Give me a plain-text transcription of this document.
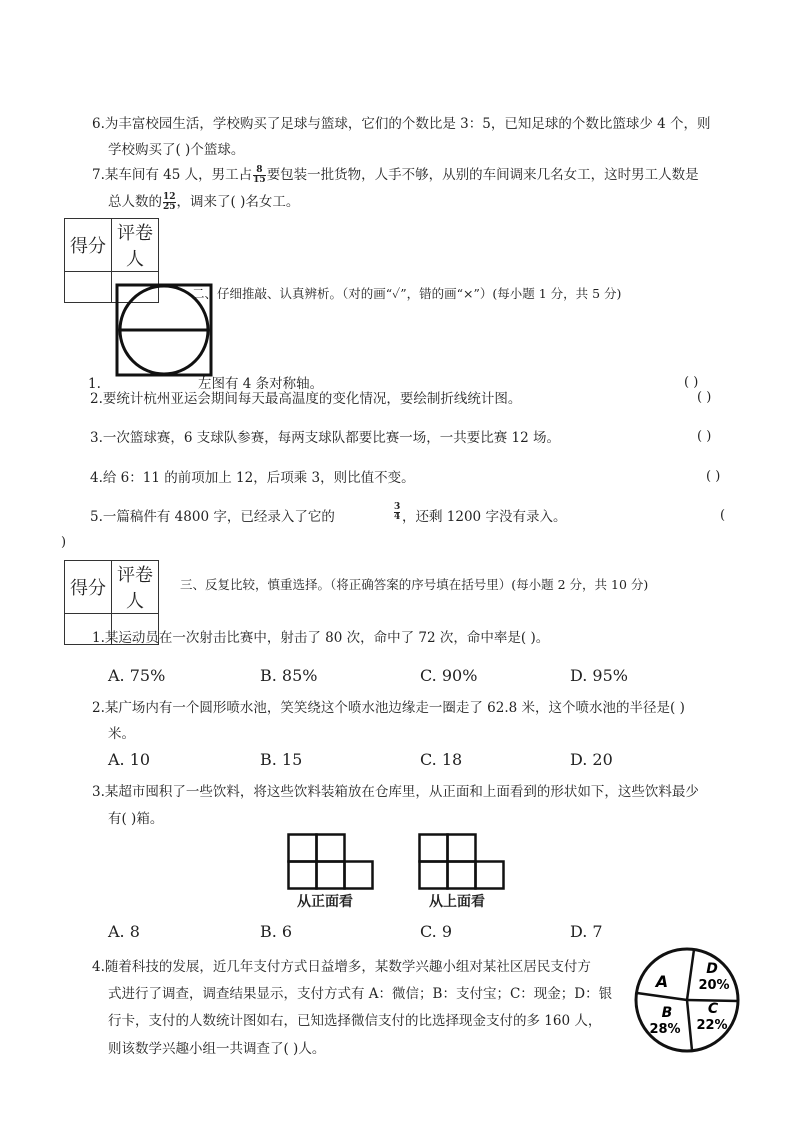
6.为丰富校园生活，学校购买了足球与篮球，它们的个数比是 3：5，已知足球的个数比篮球少 4 个，则
学校购买了( )个篮球。
7.某车间有 45 人，男工占 $\frac{8}{15}$ 要包装一批货物，人手不够，从别的车间调来几名女工，这时男工人数是
总人数的 $\frac{12}{25}$ ，调来了( )名女工。
得分	评卷人

二、仔细推敲、认真辨析。（对的画“✓”，错的画“×”）(每小题 1 分，共 5 分)
1.	左图有 4 条对称轴。	( )
2.要统计杭州亚运会期间每天最高温度的变化情况，要绘制折线统计图。	( )
3.一次篮球赛，6 支球队参赛，每两支球队都要比赛一场，一共要比赛 12 场。	( )
4.给 6：11 的前项加上 12，后项乘 3，则比值不变。	( )
5.一篇稿件有 4800 字，已经录入了它的	$\frac{3}{4}$ ，还剩 1200 字没有录入。	(
)
得分	评卷人

三、反复比较，慎重选择。（将正确答案的序号填在括号里）(每小题 2 分，共 10 分)
1.某运动员在一次射击比赛中，射击了 80 次，命中了 72 次，命中率是( )。
A. 75%	B. 85%	C. 90%	D. 95%
2.某广场内有一个圆形喷水池，笑笑绕这个喷水池边缘走一圈走了 62.8 米，这个喷水池的半径是( )
米。
A. 10	B. 15	C. 18	D. 20
3.某超市囤积了一些饮料，将这些饮料装箱放在仓库里，从正面和上面看到的形状如下，这些饮料最少
有( )箱。
从正面看	从上面看
A. 8	B. 6	C. 9	D. 7
4.随着科技的发展，近几年支付方式日益增多，某数学兴趣小组对某社区居民支付方
式进行了调查，调查结果显示，支付方式有 A：微信；B：支付宝；C：现金；D：银
行卡，支付的人数统计图如右，已知选择微信支付的比选择现金支付的多 160 人，
则该数学兴趣小组一共调查了( )人。
A
B
28%
C
22%
D
20%
